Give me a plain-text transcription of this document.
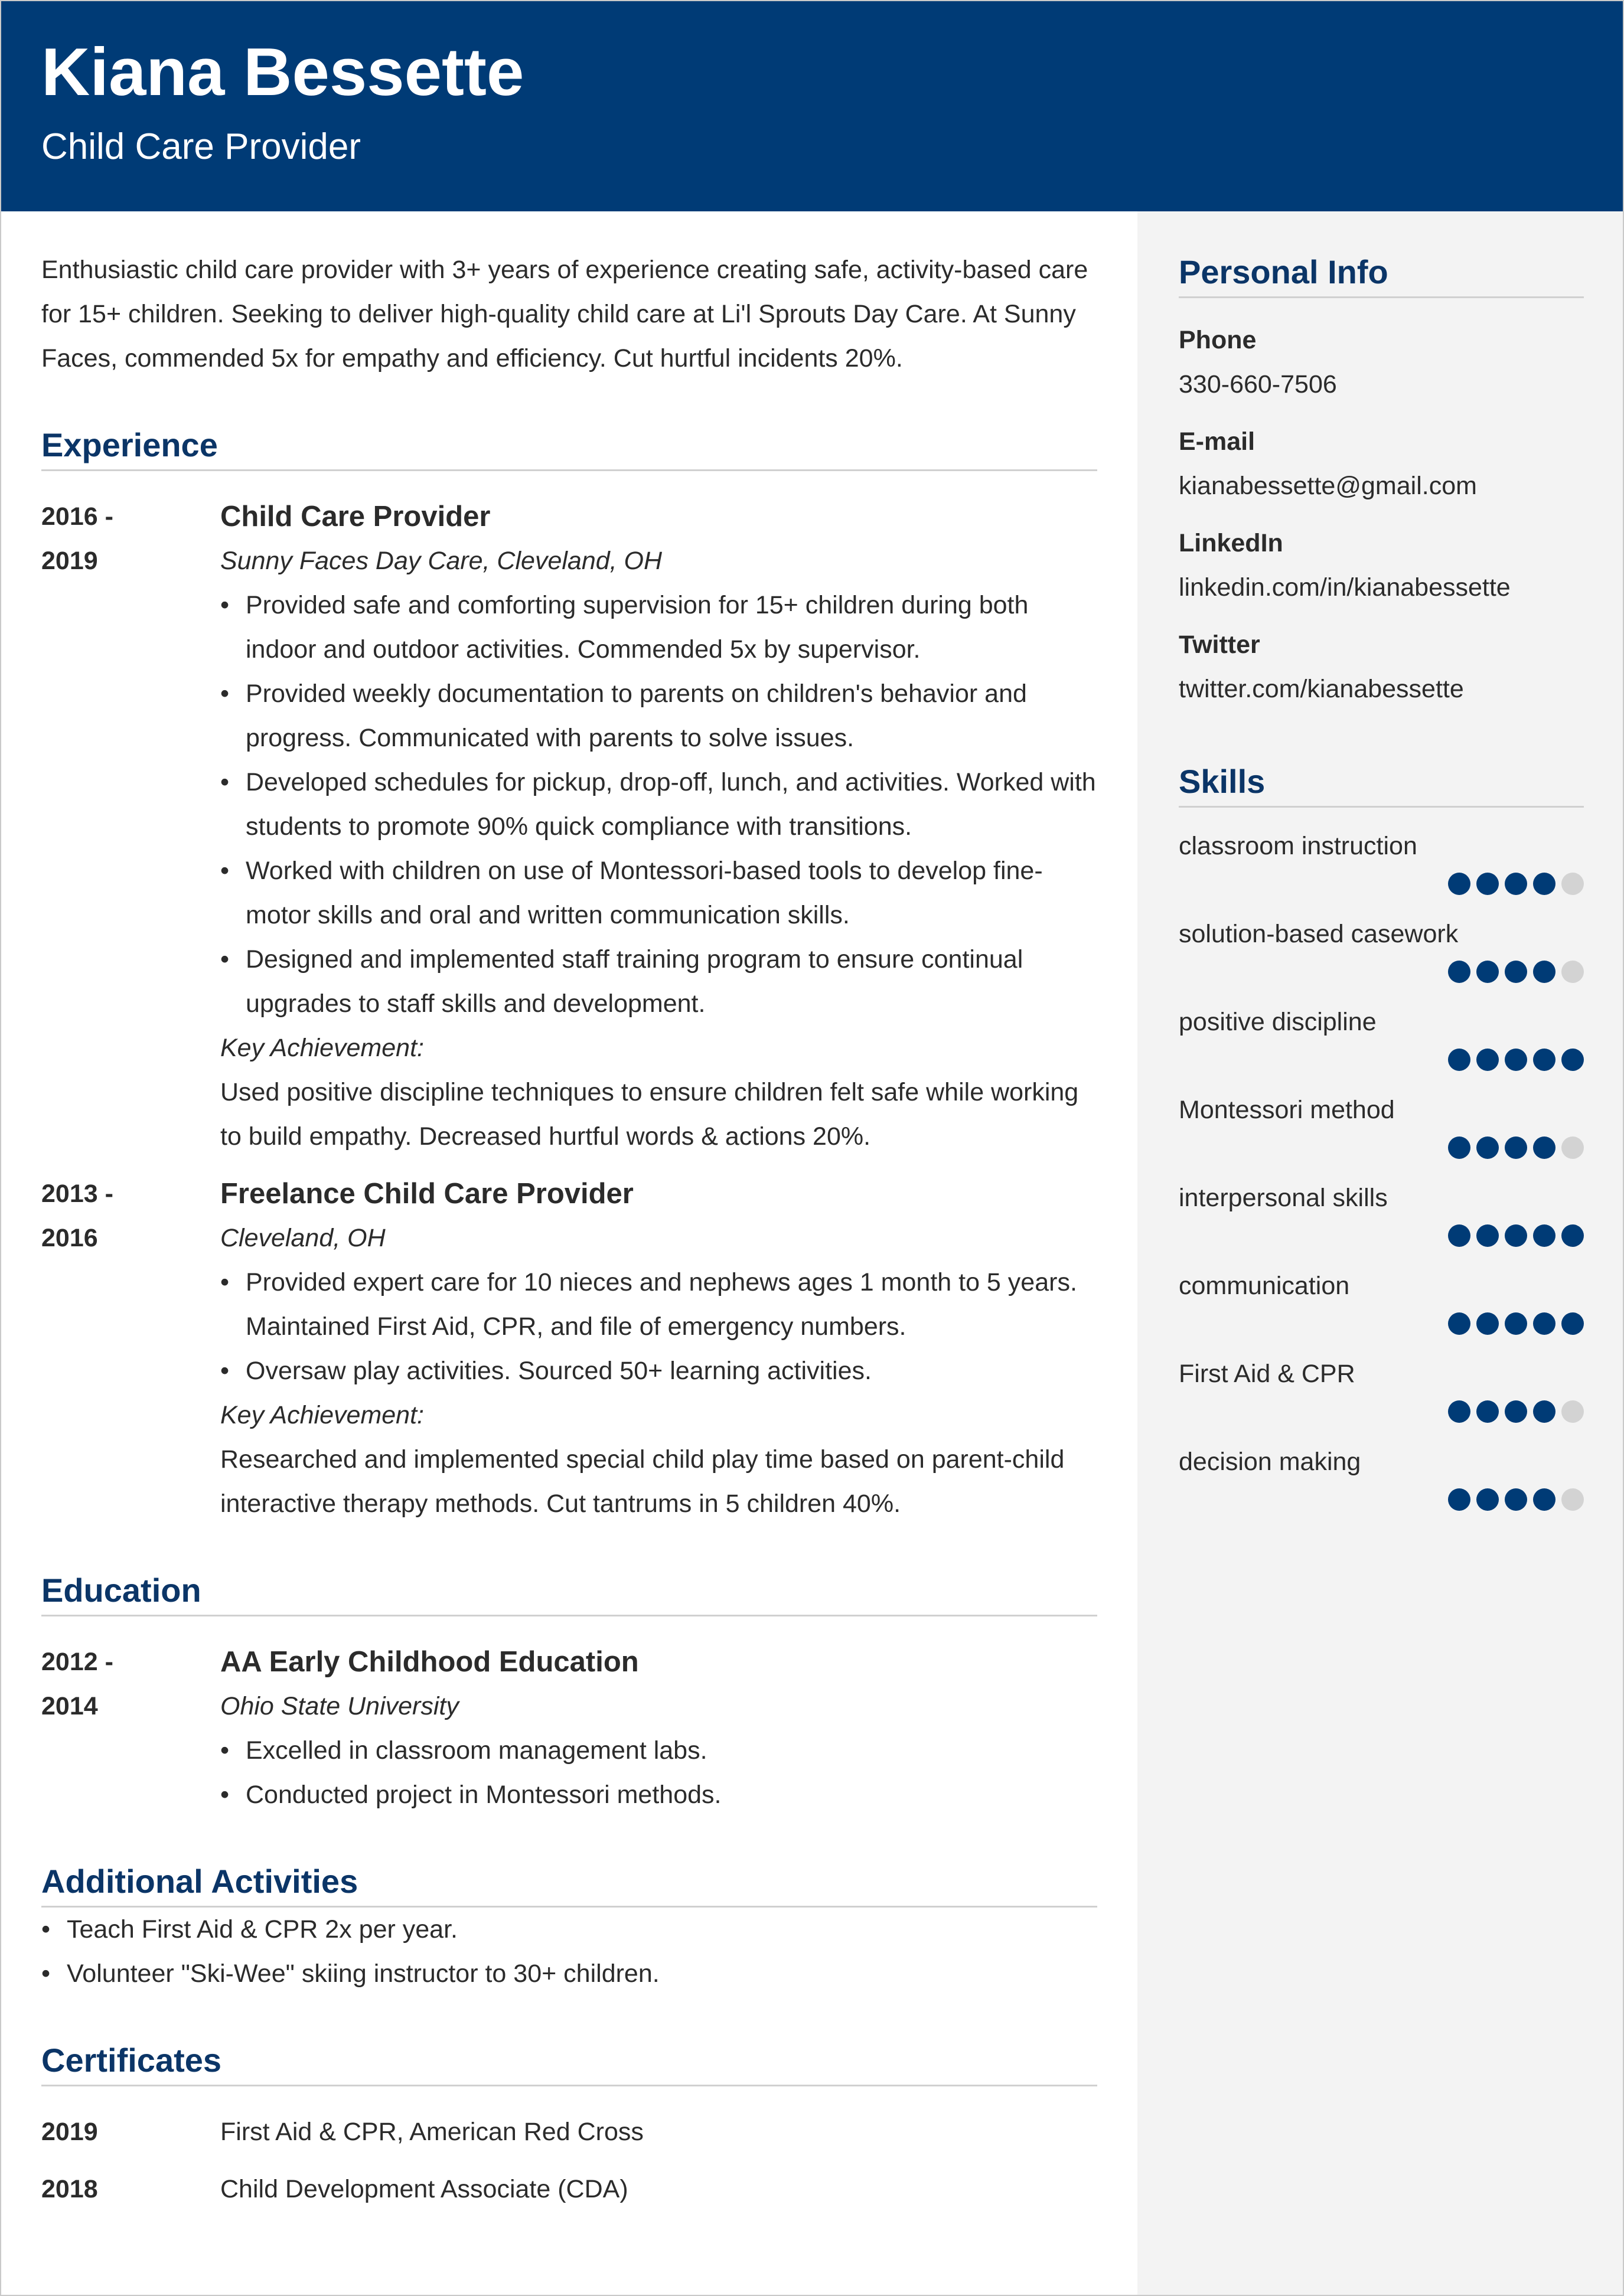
Kiana Bessette
Child Care Provider
Enthusiastic child care provider with 3+ years of experience creating safe, activity-based care for 15+ children. Seeking to deliver high-quality child care at Li'l Sprouts Day Care. At Sunny Faces, commended 5x for empathy and efficiency. Cut hurtful incidents 20%.
Experience
2016 -
2019
Child Care Provider
Sunny Faces Day Care, Cleveland, OH
• Provided safe and comforting supervision for 15+ children during both indoor and outdoor activities. Commended 5x by supervisor.
• Provided weekly documentation to parents on children's behavior and progress. Communicated with parents to solve issues.
• Developed schedules for pickup, drop-off, lunch, and activities. Worked with students to promote 90% quick compliance with transitions.
• Worked with children on use of Montessori-based tools to develop fine-motor skills and oral and written communication skills.
• Designed and implemented staff training program to ensure continual upgrades to staff skills and development.
Key Achievement:
Used positive discipline techniques to ensure children felt safe while working to build empathy. Decreased hurtful words & actions 20%.
2013 -
2016
Freelance Child Care Provider
Cleveland, OH
• Provided expert care for 10 nieces and nephews ages 1 month to 5 years. Maintained First Aid, CPR, and file of emergency numbers.
• Oversaw play activities. Sourced 50+ learning activities.
Key Achievement:
Researched and implemented special child play time based on parent-child interactive therapy methods. Cut tantrums in 5 children 40%.
Education
2012 -
2014
AA Early Childhood Education
Ohio State University
• Excelled in classroom management labs.
• Conducted project in Montessori methods.
Additional Activities
• Teach First Aid & CPR 2x per year.
• Volunteer "Ski-Wee" skiing instructor to 30+ children.
Certificates
2019	First Aid & CPR, American Red Cross
2018	Child Development Associate (CDA)
Personal Info
Phone
330-660-7506
E-mail
kianabessette@gmail.com
LinkedIn
linkedin.com/in/kianabessette
Twitter
twitter.com/kianabessette
Skills
classroom instruction
solution-based casework
positive discipline
Montessori method
interpersonal skills
communication
First Aid & CPR
decision making
